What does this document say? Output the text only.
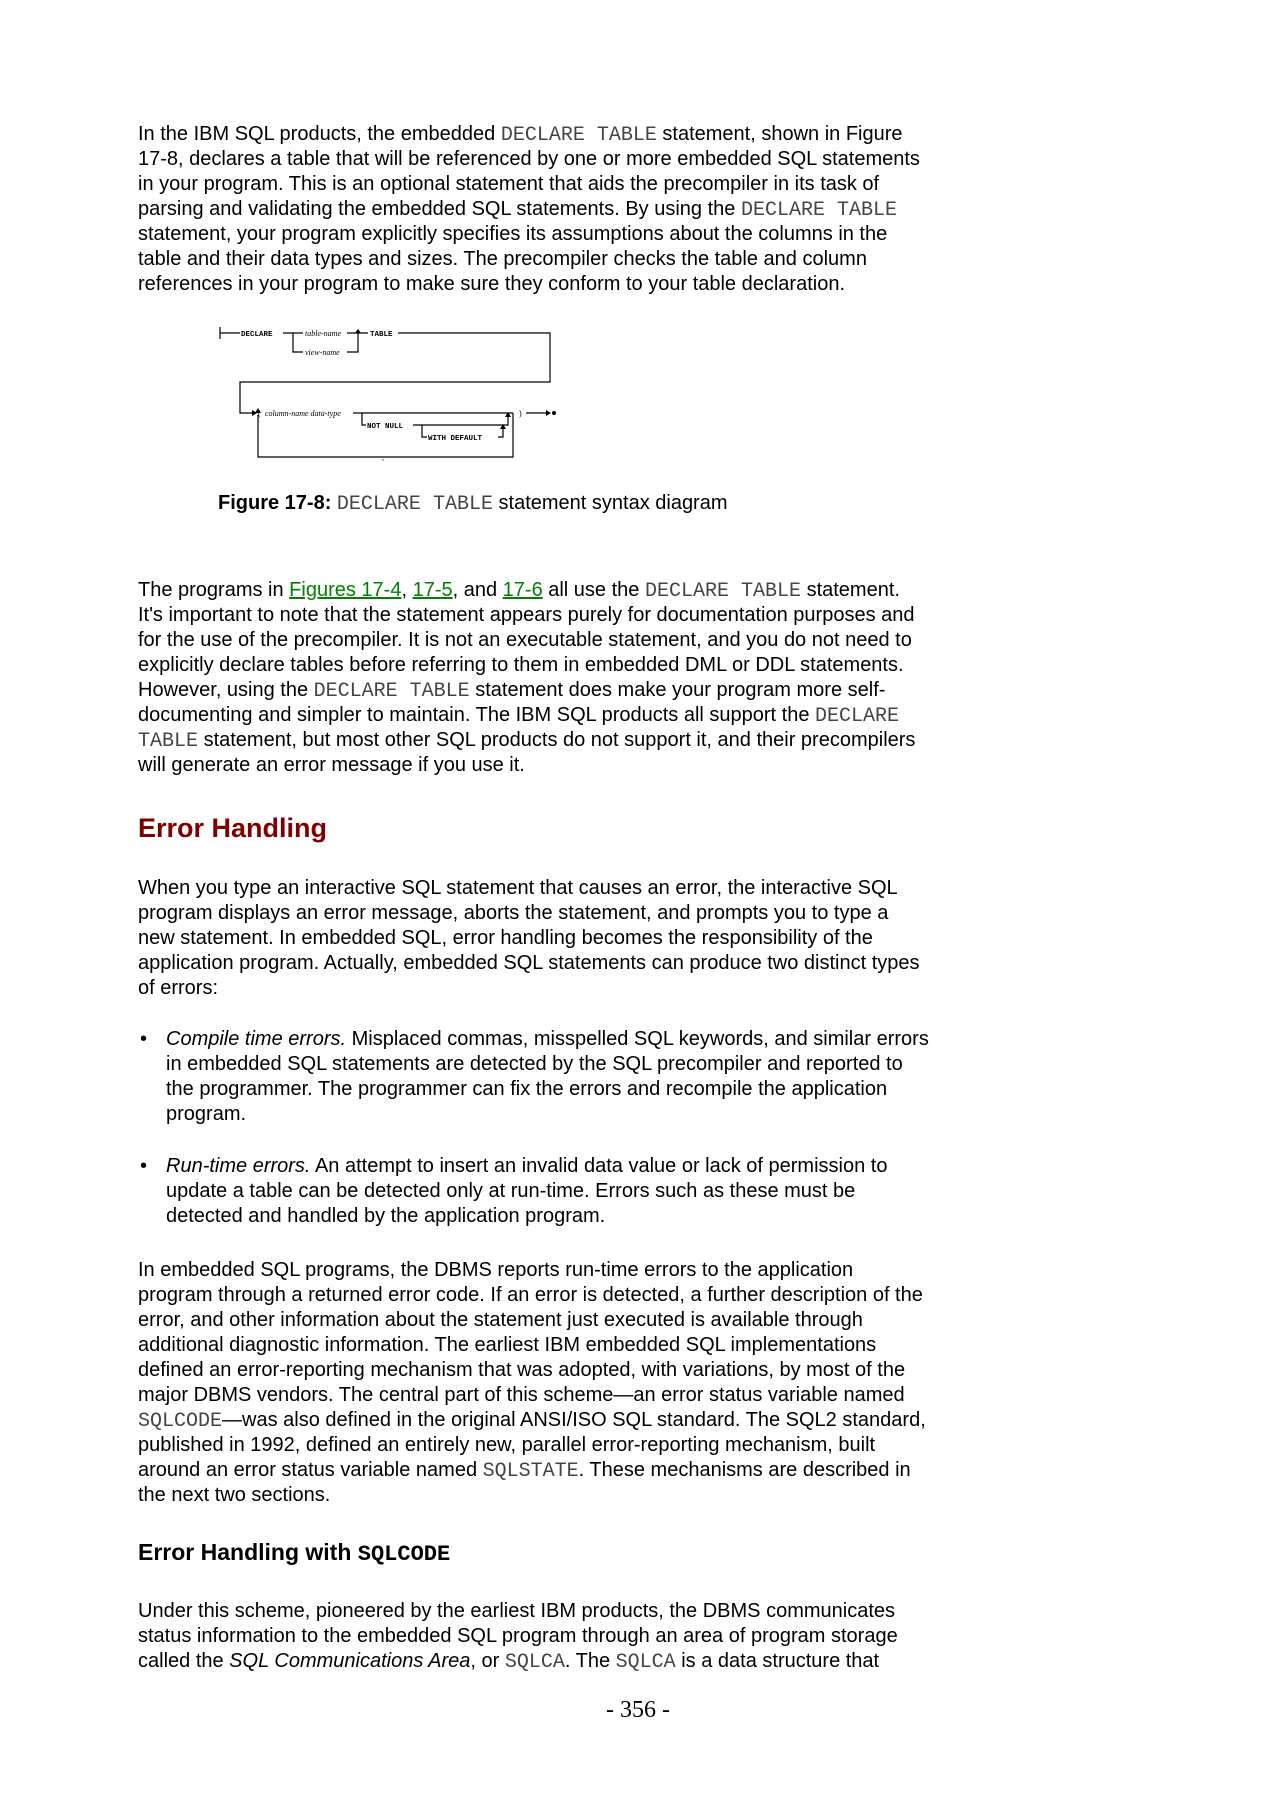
In the IBM SQL products, the embedded DECLARE TABLE statement, shown in Figure
17-8, declares a table that will be referenced by one or more embedded SQL statements
in your program. This is an optional statement that aids the precompiler in its task of
parsing and validating the embedded SQL statements. By using the DECLARE TABLE
statement, your program explicitly specifies its assumptions about the columns in the
table and their data types and sizes. The precompiler checks the table and column
references in your program to make sure they conform to your table declaration.
DECLARE	table-name
view-name
TABLE
( column-name data-type
NOT NULL
WITH DEFAULT
)
,
Figure 17-8: DECLARE TABLE statement syntax diagram
The programs in Figures 17-4, 17-5, and 17-6 all use the DECLARE TABLE statement.
It's important to note that the statement appears purely for documentation purposes and
for the use of the precompiler. It is not an executable statement, and you do not need to
explicitly declare tables before referring to them in embedded DML or DDL statements.
However, using the DECLARE TABLE statement does make your program more self-
documenting and simpler to maintain. The IBM SQL products all support the DECLARE
TABLE statement, but most other SQL products do not support it, and their precompilers
will generate an error message if you use it.
Error Handling
When you type an interactive SQL statement that causes an error, the interactive SQL
program displays an error message, aborts the statement, and prompts you to type a
new statement. In embedded SQL, error handling becomes the responsibility of the
application program. Actually, embedded SQL statements can produce two distinct types
of errors:
• Compile time errors. Misplaced commas, misspelled SQL keywords, and similar errors
in embedded SQL statements are detected by the SQL precompiler and reported to
the programmer. The programmer can fix the errors and recompile the application
program.
• Run-time errors. An attempt to insert an invalid data value or lack of permission to
update a table can be detected only at run-time. Errors such as these must be
detected and handled by the application program.
In embedded SQL programs, the DBMS reports run-time errors to the application
program through a returned error code. If an error is detected, a further description of the
error, and other information about the statement just executed is available through
additional diagnostic information. The earliest IBM embedded SQL implementations
defined an error-reporting mechanism that was adopted, with variations, by most of the
major DBMS vendors. The central part of this scheme—an error status variable named
SQLCODE—was also defined in the original ANSI/ISO SQL standard. The SQL2 standard,
published in 1992, defined an entirely new, parallel error-reporting mechanism, built
around an error status variable named SQLSTATE. These mechanisms are described in
the next two sections.
Error Handling with SQLCODE
Under this scheme, pioneered by the earliest IBM products, the DBMS communicates
status information to the embedded SQL program through an area of program storage
called the SQL Communications Area, or SQLCA. The SQLCA is a data structure that
- 356 -
